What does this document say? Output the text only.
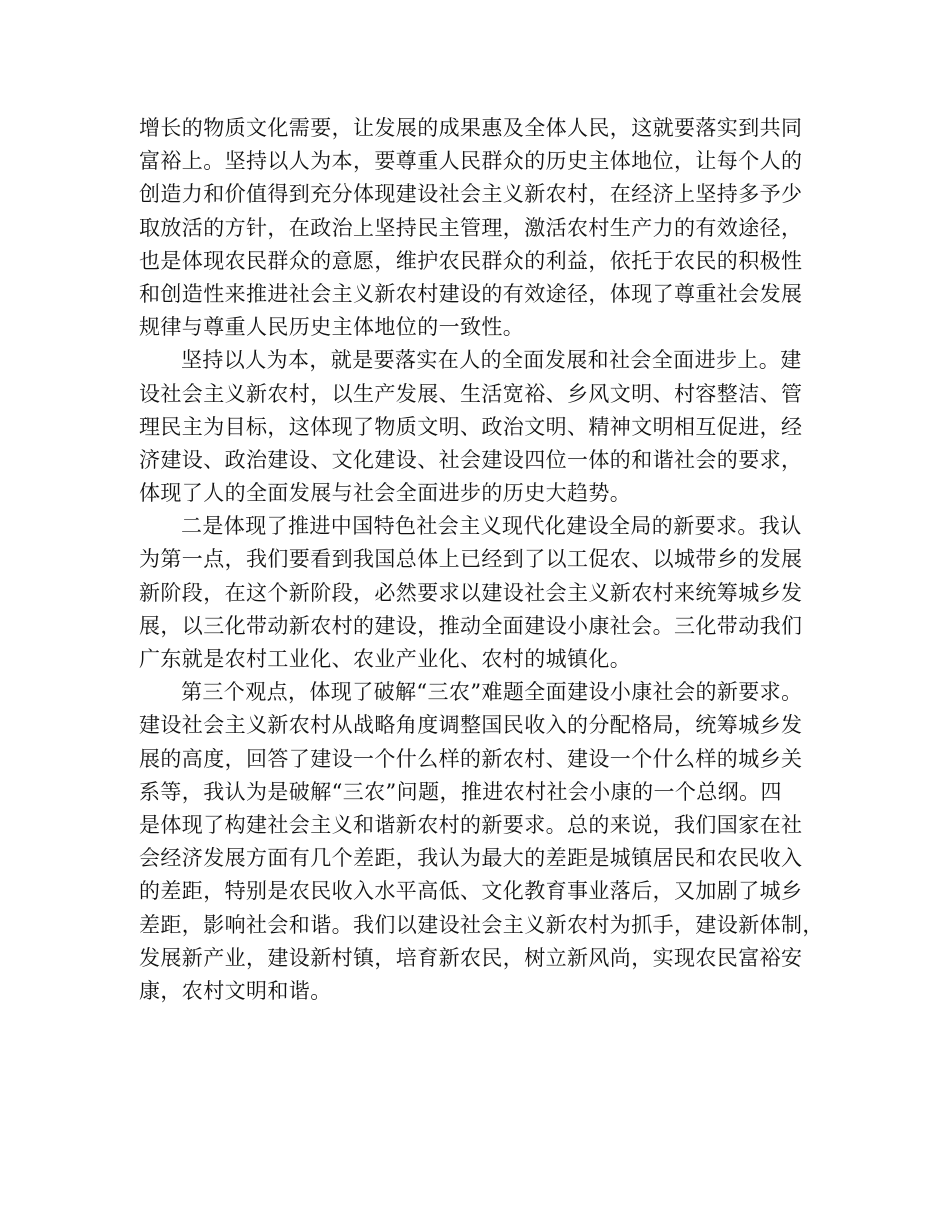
增长的物质文化需要，让发展的成果惠及全体人民，这就要落实到共同
富裕上。坚持以人为本，要尊重人民群众的历史主体地位，让每个人的
创造力和价值得到充分体现建设社会主义新农村，在经济上坚持多予少
取放活的方针，在政治上坚持民主管理，激活农村生产力的有效途径，
也是体现农民群众的意愿，维护农民群众的利益，依托于农民的积极性
和创造性来推进社会主义新农村建设的有效途径，体现了尊重社会发展
规律与尊重人民历史主体地位的一致性。
坚持以人为本，就是要落实在人的全面发展和社会全面进步上。建
设社会主义新农村，以生产发展、生活宽裕、乡风文明、村容整洁、管
理民主为目标，这体现了物质文明、政治文明、精神文明相互促进，经
济建设、政治建设、文化建设、社会建设四位一体的和谐社会的要求，
体现了人的全面发展与社会全面进步的历史大趋势。
二是体现了推进中国特色社会主义现代化建设全局的新要求。我认
为第一点，我们要看到我国总体上已经到了以工促农、以城带乡的发展
新阶段，在这个新阶段，必然要求以建设社会主义新农村来统筹城乡发
展，以三化带动新农村的建设，推动全面建设小康社会。三化带动我们
广东就是农村工业化、农业产业化、农村的城镇化。
第三个观点，体现了破解“三农”难题全面建设小康社会的新要求。
建设社会主义新农村从战略角度调整国民收入的分配格局，统筹城乡发
展的高度，回答了建设一个什么样的新农村、建设一个什么样的城乡关
系等，我认为是破解“三农”问题，推进农村社会小康的一个总纲。四
是体现了构建社会主义和谐新农村的新要求。总的来说，我们国家在社
会经济发展方面有几个差距，我认为最大的差距是城镇居民和农民收入
的差距，特别是农民收入水平高低、文化教育事业落后，又加剧了城乡
差距，影响社会和谐。我们以建设社会主义新农村为抓手，建设新体制，
发展新产业，建设新村镇，培育新农民，树立新风尚，实现农民富裕安
康，农村文明和谐。
